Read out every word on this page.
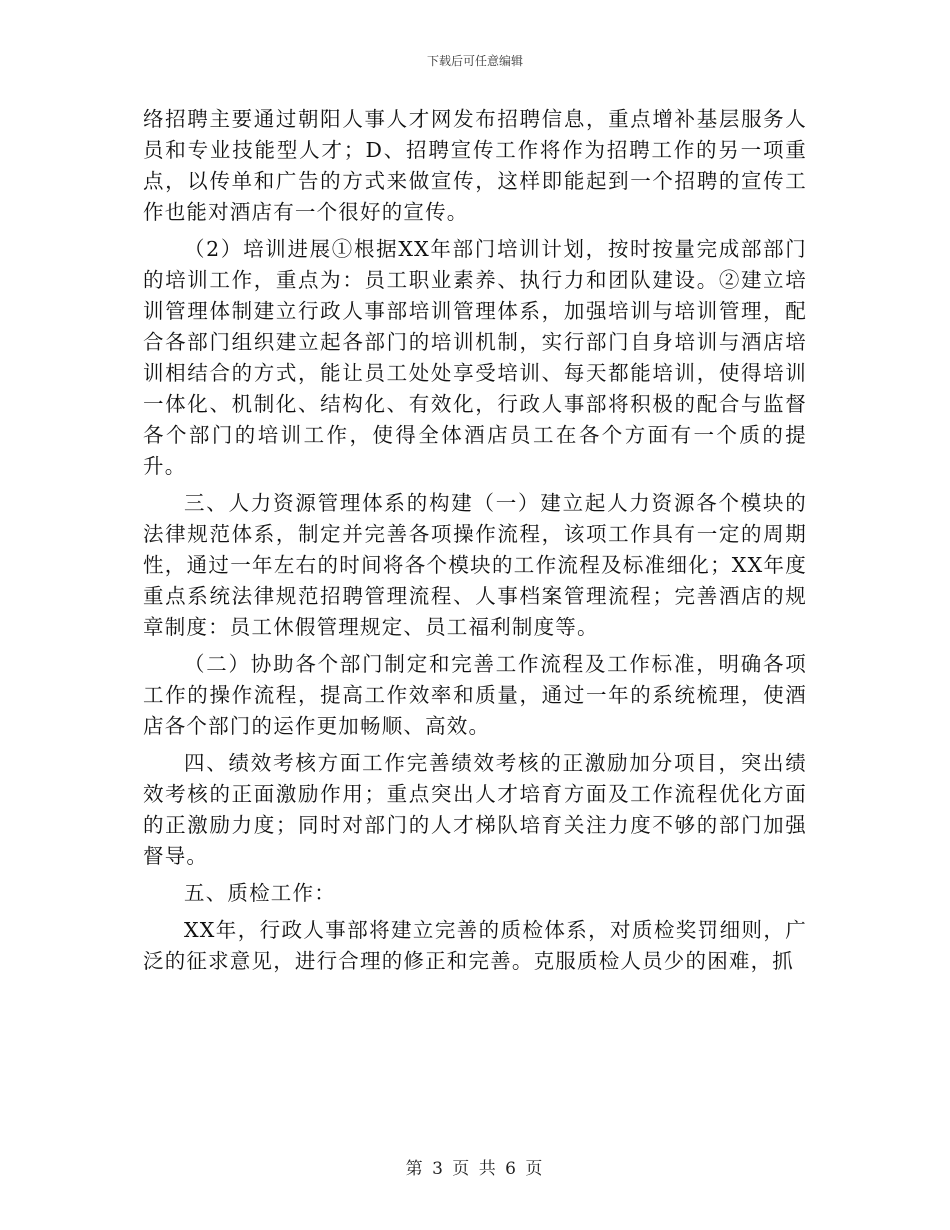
下载后可任意编辑

络招聘主要通过朝阳人事人才网发布招聘信息，重点增补基层服务人员和专业技能型人才；D、招聘宣传工作将作为招聘工作的另一项重点，以传单和广告的方式来做宣传，这样即能起到一个招聘的宣传工作也能对酒店有一个很好的宣传。

（2）培训进展①根据XX年部门培训计划，按时按量完成部部门的培训工作，重点为：员工职业素养、执行力和团队建设。②建立培训管理体制建立行政人事部培训管理体系，加强培训与培训管理，配合各部门组织建立起各部门的培训机制，实行部门自身培训与酒店培训相结合的方式，能让员工处处享受培训、每天都能培训，使得培训一体化、机制化、结构化、有效化，行政人事部将积极的配合与监督各个部门的培训工作，使得全体酒店员工在各个方面有一个质的提升。

三、人力资源管理体系的构建（一）建立起人力资源各个模块的法律规范体系，制定并完善各项操作流程，该项工作具有一定的周期性，通过一年左右的时间将各个模块的工作流程及标准细化；XX年度重点系统法律规范招聘管理流程、人事档案管理流程；完善酒店的规章制度：员工休假管理规定、员工福利制度等。

（二）协助各个部门制定和完善工作流程及工作标准，明确各项工作的操作流程，提高工作效率和质量，通过一年的系统梳理，使酒店各个部门的运作更加畅顺、高效。

四、绩效考核方面工作完善绩效考核的正激励加分项目，突出绩效考核的正面激励作用；重点突出人才培育方面及工作流程优化方面的正激励力度；同时对部门的人才梯队培育关注力度不够的部门加强督导。

五、质检工作：

XX年，行政人事部将建立完善的质检体系，对质检奖罚细则，广泛的征求意见，进行合理的修正和完善。克服质检人员少的困难，抓

第 3 页 共 6 页
